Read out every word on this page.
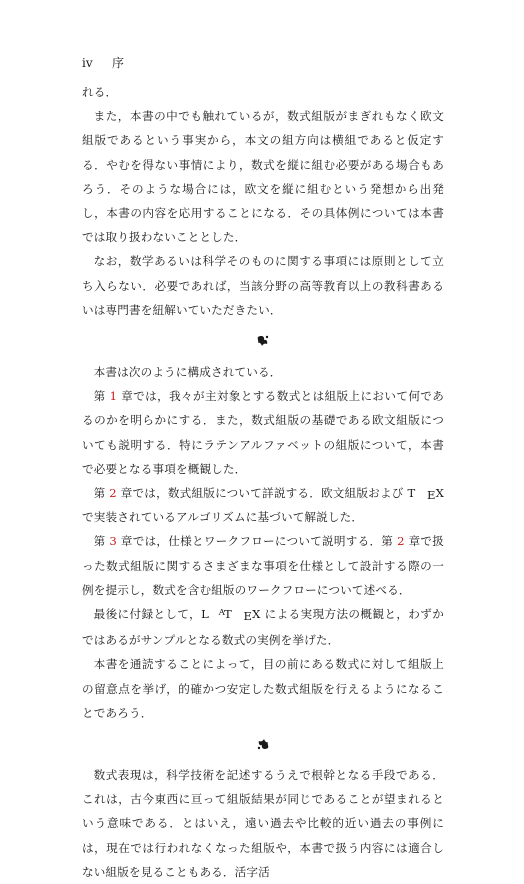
iv 序

れる．

また，本書の中でも触れているが，数式組版がまぎれもなく欧文組版であるという事実から，本文の組方向は横組であると仮定する．やむを得ない事情により，数式を縦に組む必要がある場合もあろう．そのような場合には，欧文を縦に組むという発想から出発し，本書の内容を応用することになる．その具体例については本書では取り扱わないこととした．

なお，数学あるいは科学そのものに関する事項には原則として立ち入らない．必要であれば，当該分野の高等教育以上の教科書あるいは専門書を紐解いていただきたい．

本書は次のように構成されている．

第 1 章では，我々が主対象とする数式とは組版上において何であるのかを明らかにする．また，数式組版の基礎である欧文組版についても説明する．特にラテンアルファベットの組版について，本書で必要となる事項を概観した．

第 2 章では，数式組版について詳説する．欧文組版および T EX で実装されているアルゴリズムに基づいて解説した．

第 3 章では，仕様とワークフローについて説明する．第 2 章で扱った数式組版に関するさまざまな事項を仕様として設計する際の一例を提示し，数式を含む組版のワークフローについて述べる．

最後に付録として，L AT EX による実現方法の概観と，わずかではあるがサンプルとなる数式の実例を挙げた．

本書を通読することによって，目の前にある数式に対して組版上の留意点を挙げ，的確かつ安定した数式組版を行えるようになることであろう．

数式表現は，科学技術を記述するうえで根幹となる手段である．これは，古今東西に亘って組版結果が同じであることが望まれるという意味である．とはいえ，遠い過去や比較的近い過去の事例には，現在では行われなくなった組版や，本書で扱う内容には適合しない組版を見ることもある．活字活
